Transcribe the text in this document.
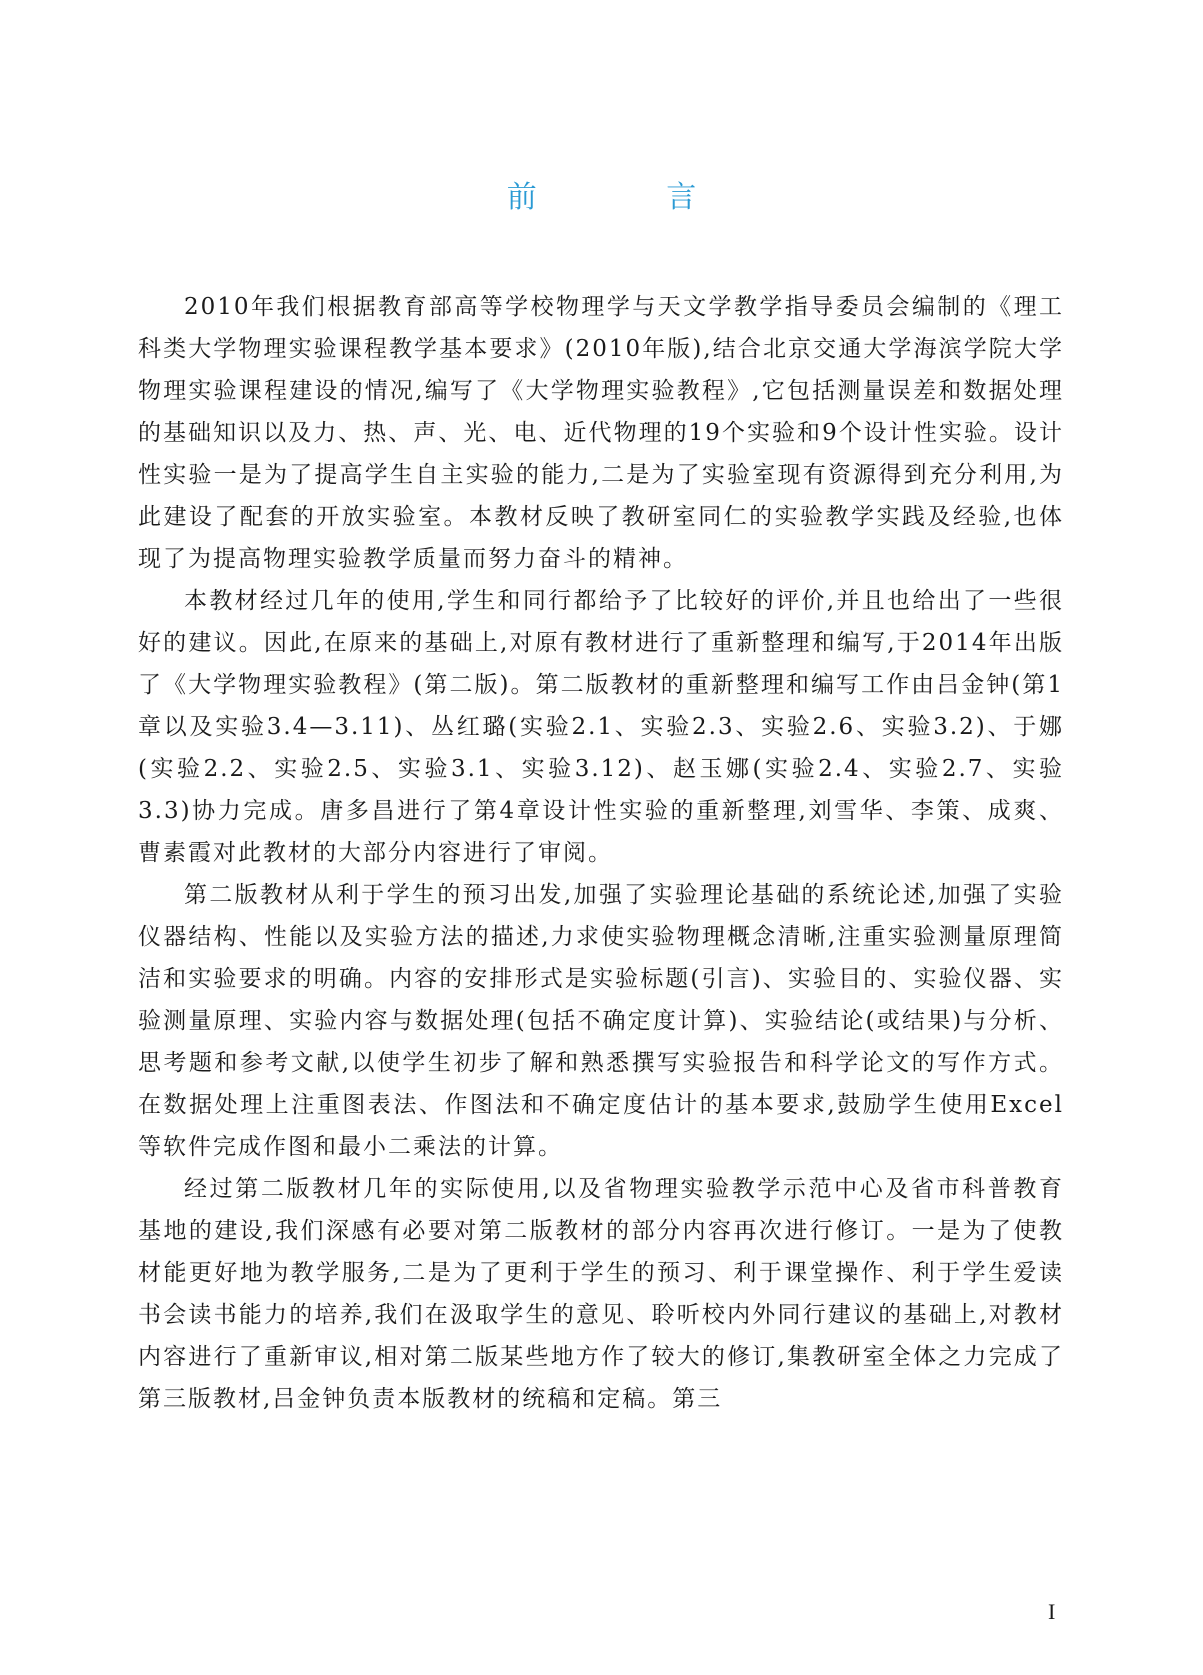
前 言

2010年我们根据教育部高等学校物理学与天文学教学指导委员会编制的《理工科类大学物理实验课程教学基本要求》(2010年版),结合北京交通大学海滨学院大学物理实验课程建设的情况,编写了《大学物理实验教程》,它包括测量误差和数据处理的基础知识以及力、热、声、光、电、近代物理的19个实验和9个设计性实验。设计性实验一是为了提高学生自主实验的能力,二是为了实验室现有资源得到充分利用,为此建设了配套的开放实验室。本教材反映了教研室同仁的实验教学实践及经验,也体现了为提高物理实验教学质量而努力奋斗的精神。

本教材经过几年的使用,学生和同行都给予了比较好的评价,并且也给出了一些很好的建议。因此,在原来的基础上,对原有教材进行了重新整理和编写,于2014年出版了《大学物理实验教程》(第二版)。第二版教材的重新整理和编写工作由吕金钟(第1章以及实验3.4—3.11)、丛红璐(实验2.1、实验2.3、实验2.6、实验3.2)、于娜(实验2.2、实验2.5、实验3.1、实验3.12)、赵玉娜(实验2.4、实验2.7、实验3.3)协力完成。唐多昌进行了第4章设计性实验的重新整理,刘雪华、李策、成爽、曹素霞对此教材的大部分内容进行了审阅。

第二版教材从利于学生的预习出发,加强了实验理论基础的系统论述,加强了实验仪器结构、性能以及实验方法的描述,力求使实验物理概念清晰,注重实验测量原理简洁和实验要求的明确。内容的安排形式是实验标题(引言)、实验目的、实验仪器、实验测量原理、实验内容与数据处理(包括不确定度计算)、实验结论(或结果)与分析、思考题和参考文献,以使学生初步了解和熟悉撰写实验报告和科学论文的写作方式。在数据处理上注重图表法、作图法和不确定度估计的基本要求,鼓励学生使用Excel等软件完成作图和最小二乘法的计算。

经过第二版教材几年的实际使用,以及省物理实验教学示范中心及省市科普教育基地的建设,我们深感有必要对第二版教材的部分内容再次进行修订。一是为了使教材能更好地为教学服务,二是为了更利于学生的预习、利于课堂操作、利于学生爱读书会读书能力的培养,我们在汲取学生的意见、聆听校内外同行建议的基础上,对教材内容进行了重新审议,相对第二版某些地方作了较大的修订,集教研室全体之力完成了第三版教材,吕金钟负责本版教材的统稿和定稿。第三

I
